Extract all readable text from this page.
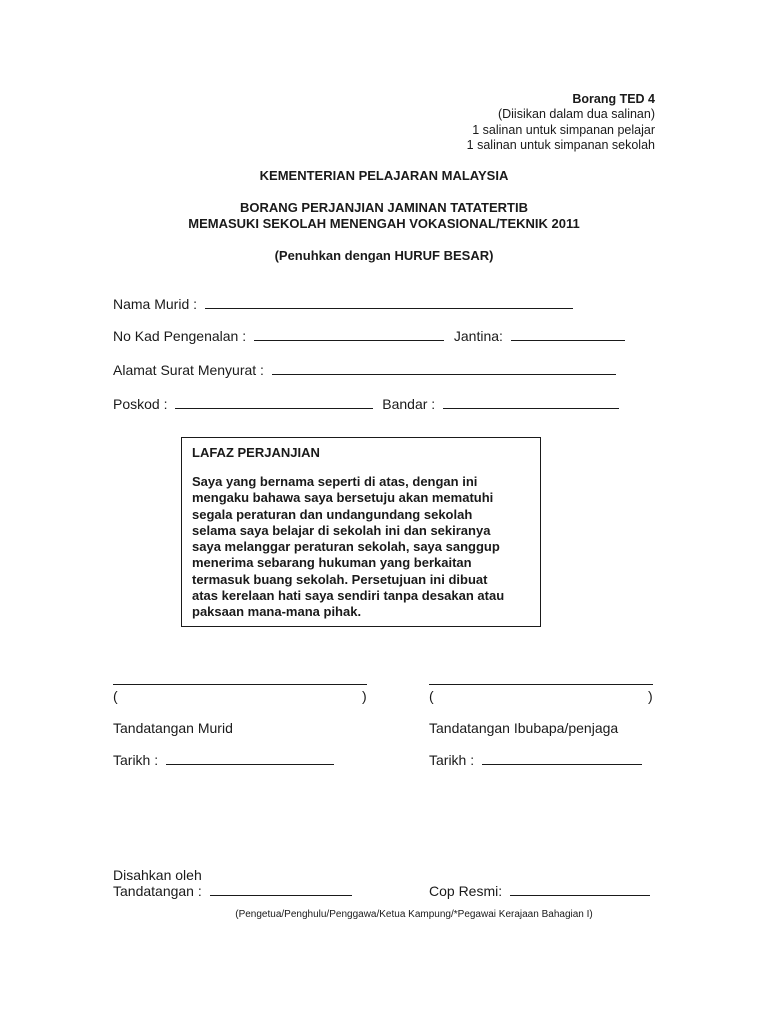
Borang TED 4
(Diisikan dalam dua salinan)
1 salinan untuk simpanan pelajar
1 salinan untuk simpanan sekolah
KEMENTERIAN PELAJARAN MALAYSIA
BORANG PERJANJIAN JAMINAN TATATERTIB
MEMASUKI SEKOLAH MENENGAH VOKASIONAL/TEKNIK 2011
(Penuhkan dengan HURUF BESAR)
Nama Murid :
No Kad Pengenalan :	Jantina:
Alamat Surat Menyurat :
Poskod :	Bandar :
LAFAZ PERJANJIAN
Saya yang bernama seperti di atas, dengan ini
mengaku bahawa saya bersetuju akan mematuhi
segala peraturan dan undangundang sekolah
selama saya belajar di sekolah ini dan sekiranya
saya melanggar peraturan sekolah, saya sanggup
menerima sebarang hukuman yang berkaitan
termasuk buang sekolah. Persetujuan ini dibuat
atas kerelaan hati saya sendiri tanpa desakan atau
paksaan mana-mana pihak.
(	)	(	)
Tandatangan Murid	Tandatangan Ibubapa/penjaga
Tarikh :	Tarikh :
Disahkan oleh
Tandatangan :	Cop Resmi:
(Pengetua/Penghulu/Penggawa/Ketua Kampung/*Pegawai Kerajaan Bahagian I)
